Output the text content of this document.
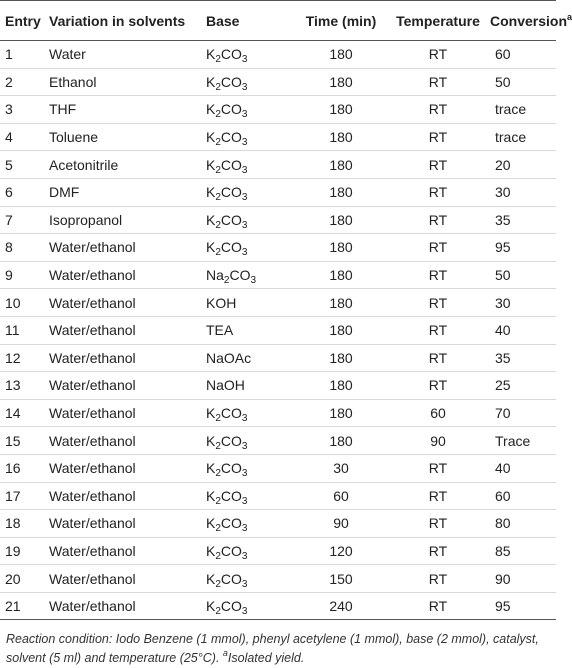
Entry	Variation in solvents	Base	Time (min)	Temperature	Conversion$^a$
1	Water	$K_2CO_3$	180	RT	60
2	Ethanol	$K_2CO_3$	180	RT	50
3	THF	$K_2CO_3$	180	RT	trace
4	Toluene	$K_2CO_3$	180	RT	trace
5	Acetonitrile	$K_2CO_3$	180	RT	20
6	DMF	$K_2CO_3$	180	RT	30
7	Isopropanol	$K_2CO_3$	180	RT	35
8	Water/ethanol	$K_2CO_3$	180	RT	95
9	Water/ethanol	$Na_2CO_3$	180	RT	50
10	Water/ethanol	KOH	180	RT	30
11	Water/ethanol	TEA	180	RT	40
12	Water/ethanol	NaOAc	180	RT	35
13	Water/ethanol	NaOH	180	RT	25
14	Water/ethanol	$K_2CO_3$	180	60	70
15	Water/ethanol	$K_2CO_3$	180	90	Trace
16	Water/ethanol	$K_2CO_3$	30	RT	40
17	Water/ethanol	$K_2CO_3$	60	RT	60
18	Water/ethanol	$K_2CO_3$	90	RT	80
19	Water/ethanol	$K_2CO_3$	120	RT	85
20	Water/ethanol	$K_2CO_3$	150	RT	90
21	Water/ethanol	$K_2CO_3$	240	RT	95
Reaction condition: Iodo Benzene (1 mmol), phenyl acetylene (1 mmol), base (2 mmol), catalyst, solvent (5 ml) and temperature (25°C). $^a$Isolated yield.
